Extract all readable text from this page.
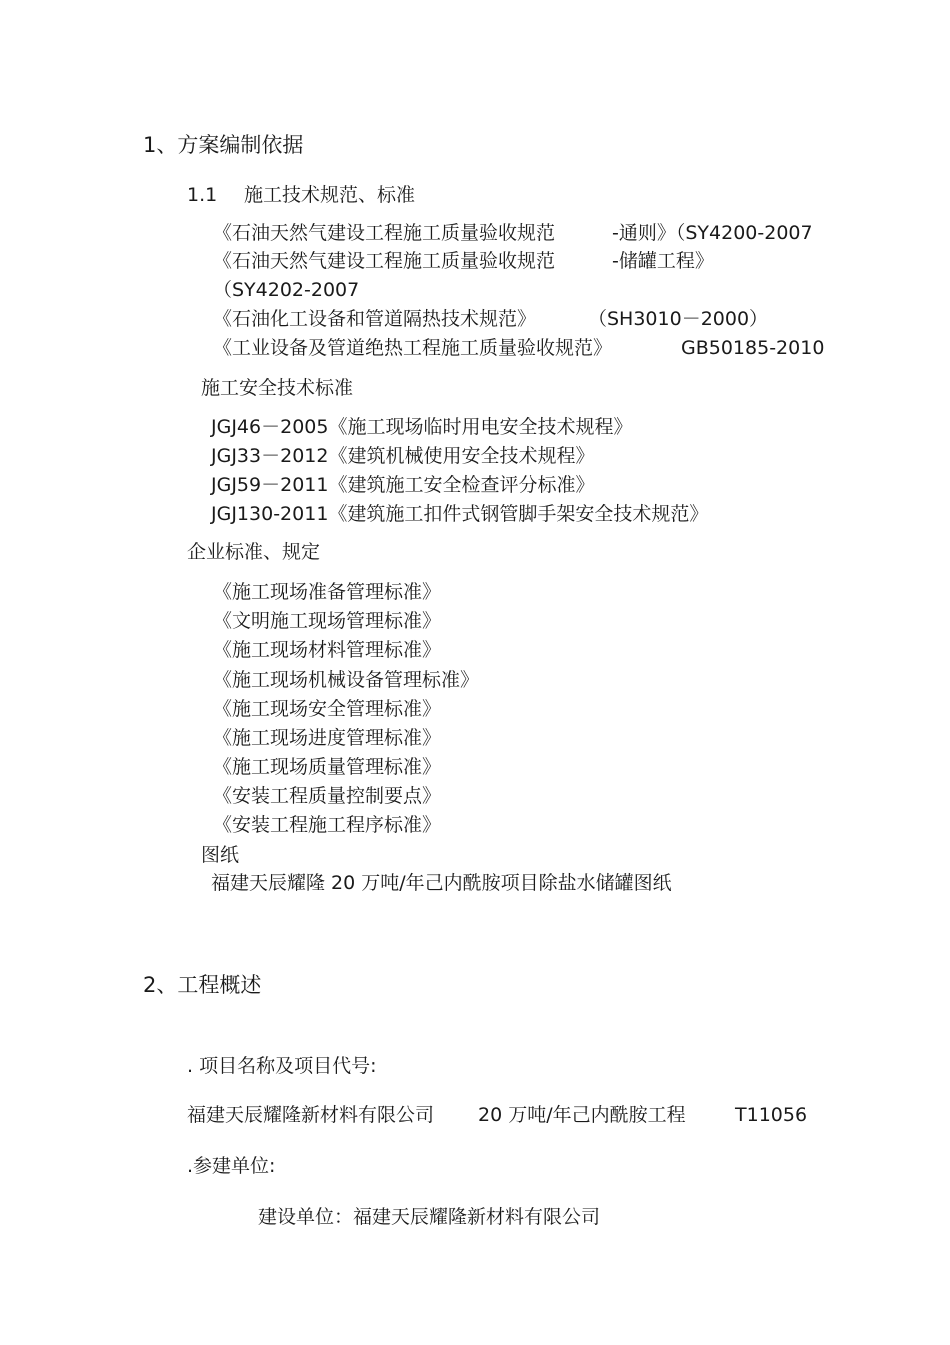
1、方案编制依据
1.1 施工技术规范、标准
《石油天然气建设工程施工质量验收规范	-通则》（SY4200-2007
《石油天然气建设工程施工质量验收规范	-储罐工程》
（SY4202-2007
《石油化工设备和管道隔热技术规范》	（SH3010－2000）
《工业设备及管道绝热工程施工质量验收规范》	GB50185-2010
施工安全技术标准
JGJ46－2005《施工现场临时用电安全技术规程》
JGJ33－2012《建筑机械使用安全技术规程》
JGJ59－2011《建筑施工安全检查评分标准》
JGJ130-2011《建筑施工扣件式钢管脚手架安全技术规范》
企业标准、规定
《施工现场准备管理标准》
《文明施工现场管理标准》
《施工现场材料管理标准》
《施工现场机械设备管理标准》
《施工现场安全管理标准》
《施工现场进度管理标准》
《施工现场质量管理标准》
《安装工程质量控制要点》
《安装工程施工程序标准》
图纸
福建天辰耀隆 20 万吨/年己内酰胺项目除盐水储罐图纸
2、工程概述
. 项目名称及项目代号:
福建天辰耀隆新材料有限公司 20 万吨/年己内酰胺工程	T11056
.参建单位:
建设单位：福建天辰耀隆新材料有限公司
